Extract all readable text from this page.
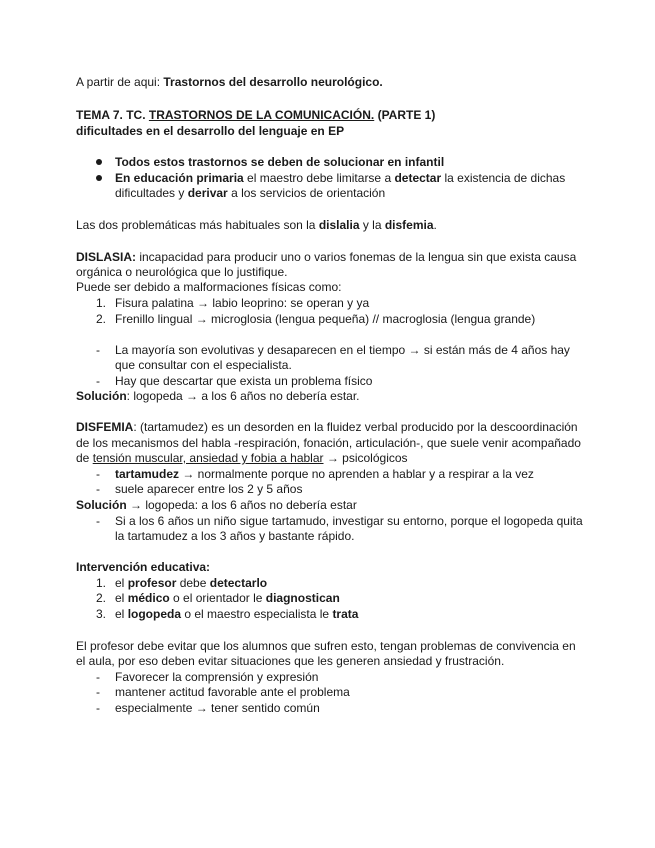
A partir de aqui: Trastornos del desarrollo neurológico.
TEMA 7. TC. TRASTORNOS DE LA COMUNICACIÓN. (PARTE 1)
dificultades en el desarrollo del lenguaje en EP
Todos estos trastornos se deben de solucionar en infantil
En educación primaria el maestro debe limitarse a detectar la existencia de dichas
dificultades y derivar a los servicios de orientación
Las dos problemáticas más habituales son la dislalia y la disfemia.
DISLASIA: incapacidad para producir uno o varios fonemas de la lengua sin que exista causa
orgánica o neurológica que lo justifique.
Puede ser debido a malformaciones físicas como:
1. Fisura palatina → labio leoprino: se operan y ya
2. Frenillo lingual → microglosia (lengua pequeña) // macroglosia (lengua grande)
- La mayoría son evolutivas y desaparecen en el tiempo → si están más de 4 años hay
que consultar con el especialista.
- Hay que descartar que exista un problema físico
Solución: logopeda → a los 6 años no debería estar.
DISFEMIA: (tartamudez) es un desorden en la fluidez verbal producido por la descoordinación
de los mecanismos del habla -respiración, fonación, articulación-, que suele venir acompañado
de tensión muscular, ansiedad y fobia a hablar → psicológicos
- tartamudez → normalmente porque no aprenden a hablar y a respirar a la vez
- suele aparecer entre los 2 y 5 años
Solución → logopeda: a los 6 años no debería estar
- Si a los 6 años un niño sigue tartamudo, investigar su entorno, porque el logopeda quita
la tartamudez a los 3 años y bastante rápido.
Intervención educativa:
1. el profesor debe detectarlo
2. el médico o el orientador le diagnostican
3. el logopeda o el maestro especialista le trata
El profesor debe evitar que los alumnos que sufren esto, tengan problemas de convivencia en
el aula, por eso deben evitar situaciones que les generen ansiedad y frustración.
- Favorecer la comprensión y expresión
- mantener actitud favorable ante el problema
- especialmente → tener sentido común
